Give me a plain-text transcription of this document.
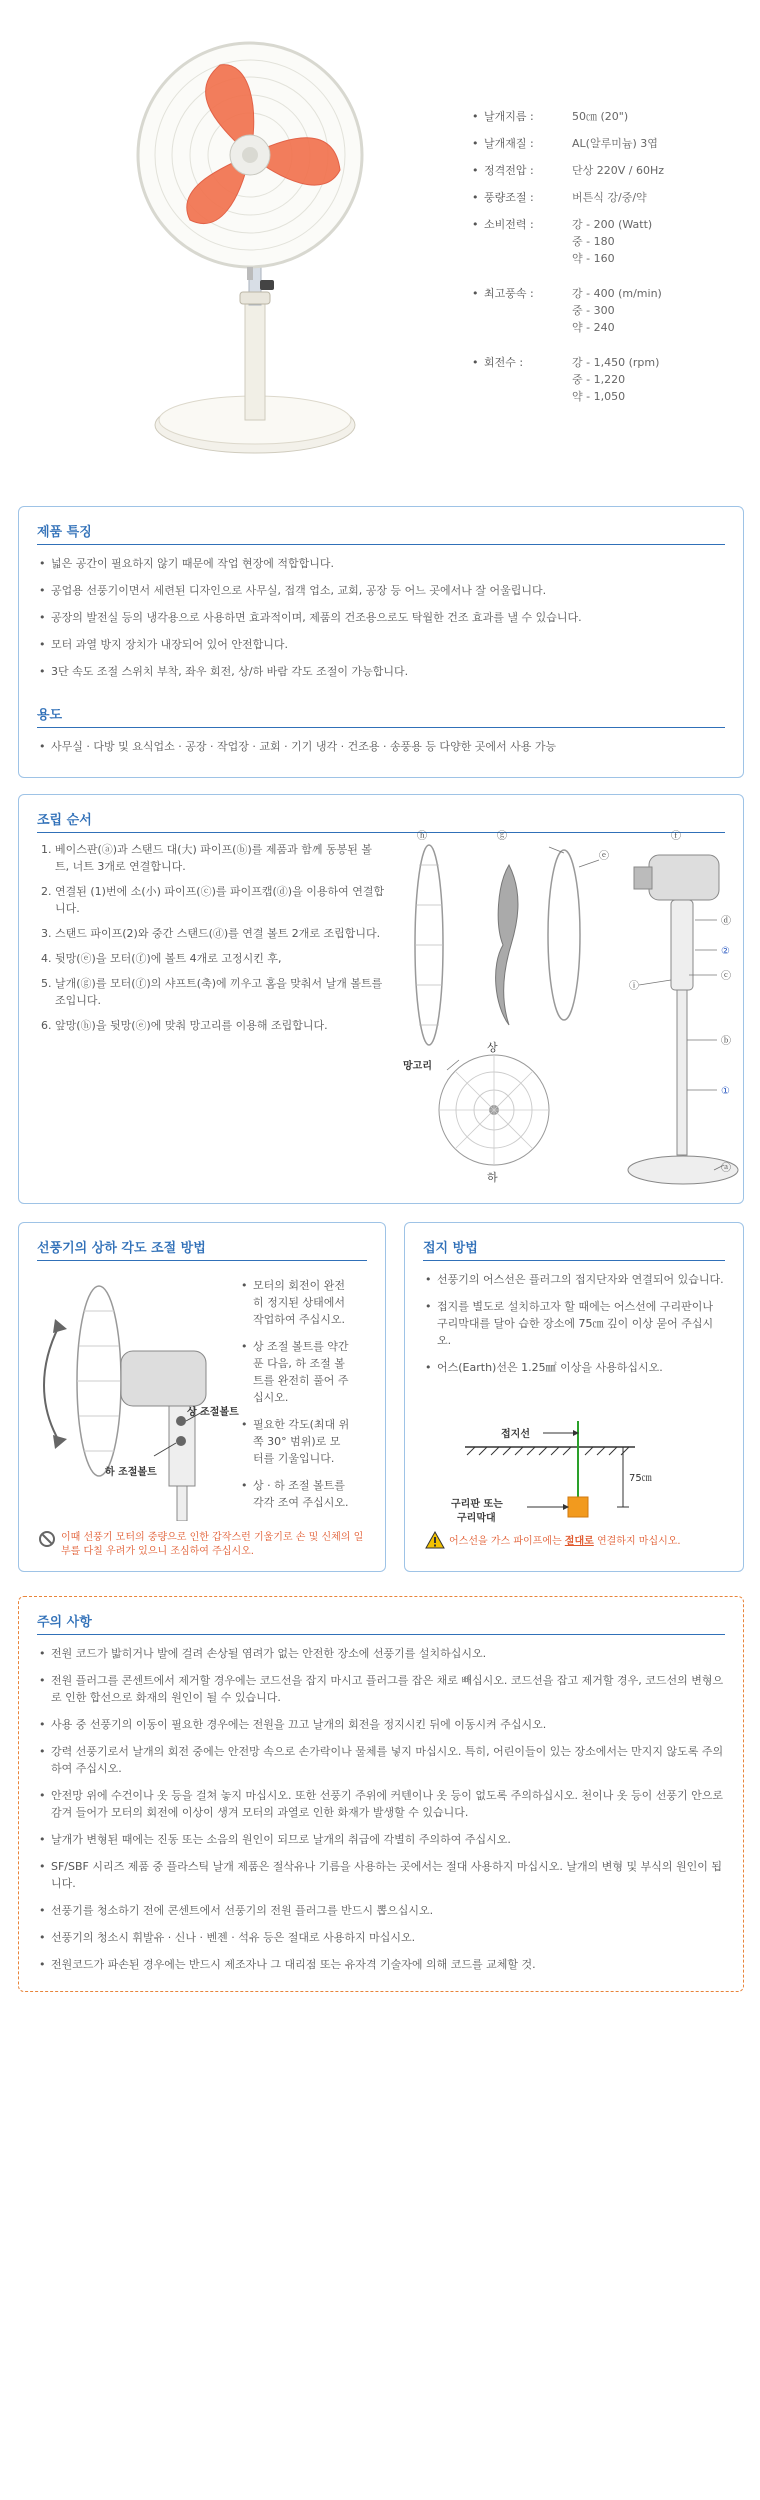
• 날개지름 :	50㎝ (20")
• 날개재질 :	AL(알루미늄) 3엽
• 정격전압 :	단상 220V / 60Hz
• 풍량조절 :	버튼식 강/중/약
• 소비전력 :	강 - 200 (Watt)
중 - 180
약 - 160
• 최고풍속 :	강 - 400 (m/min)
중 - 300
약 - 240
• 회전수 :	강 - 1,450 (rpm)
중 - 1,220
약 - 1,050
제품 특징
• 넓은 공간이 필요하지 않기 때문에 작업 현장에 적합합니다.
• 공업용 선풍기이면서 세련된 디자인으로 사무실, 접객 업소, 교회, 공장 등 어느 곳에서나 잘 어울립니다.
• 공장의 발전실 등의 냉각용으로 사용하면 효과적이며, 제품의 건조용으로도 탁월한 건조 효과를 낼 수 있습니다.
• 모터 과열 방지 장치가 내장되어 있어 안전합니다.
• 3단 속도 조절 스위치 부착, 좌우 회전, 상/하 바람 각도 조절이 가능합니다.
용도
• 사무실 · 다방 및 요식업소 · 공장 · 작업장 · 교회 · 기기 냉각 · 건조용 · 송풍용 등 다양한 곳에서 사용 가능
조립 순서
1. 베이스판(ⓐ)과 스탠드 대(大) 파이프(ⓑ)를 제품과 함께 동봉된 볼트, 너트 3개로 연결합니다.
2. 연결된 (1)번에 소(小) 파이프(ⓒ)를 파이프캡(ⓓ)을 이용하여 연결합니다.
3. 스탠드 파이프(2)와 중간 스탠드(ⓓ)를 연결 볼트 2개로 조립합니다.
4. 뒷망(ⓔ)을 모터(ⓕ)에 볼트 4개로 고정시킨 후,
5. 날개(ⓖ)를 모터(ⓕ)의 샤프트(축)에 끼우고 홈을 맞춰서 날개 볼트를 조입니다.
6. 앞망(ⓗ)을 뒷망(ⓔ)에 맞춰 망고리를 이용해 조립합니다.
ⓗ	ⓖ
ⓔ
ⓕ
ⓓ
②
ⓒ
ⓘ
ⓑ
①
ⓐ
상
하
망고리
선풍기의 상하 각도 조절 방법
상 조절볼트
하 조절볼트
• 모터의 회전이 완전히 정지된 상태에서 작업하여 주십시오.
• 상 조절 볼트를 약간 푼 다음, 하 조절 볼트를 완전히 풀어 주십시오.
• 필요한 각도(최대 위쪽 30° 범위)로 모터를 기울입니다.
• 상 · 하 조절 볼트를 각각 조여 주십시오.
이때 선풍기 모터의 중량으로 인한 갑작스런 기울기로 손 및 신체의 일부를 다칠 우려가 있으니 조심하여 주십시오.
접지 방법
• 선풍기의 어스선은 플러그의 접지단자와 연결되어 있습니다.
• 접지를 별도로 설치하고자 할 때에는 어스선에 구리판이나 구리막대를 달아 습한 장소에 75㎝ 깊이 이상 묻어 주십시오.
• 어스(Earth)선은 1.25㎟ 이상을 사용하십시오.
접지선
75㎝
구리판 또는
구리막대
어스선을 가스 파이프에는 절대로 연결하지 마십시오.
주의 사항
• 전원 코드가 밟히거나 발에 걸려 손상될 염려가 없는 안전한 장소에 선풍기를 설치하십시오.
• 전원 플러그를 콘센트에서 제거할 경우에는 코드선을 잡지 마시고 플러그를 잡은 채로 빼십시오. 코드선을 잡고 제거할 경우, 코드선의 변형으로 인한 합선으로 화재의 원인이 될 수 있습니다.
• 사용 중 선풍기의 이동이 필요한 경우에는 전원을 끄고 날개의 회전을 정지시킨 뒤에 이동시켜 주십시오.
• 강력 선풍기로서 날개의 회전 중에는 안전망 속으로 손가락이나 물체를 넣지 마십시오. 특히, 어린이들이 있는 장소에서는 만지지 않도록 주의하여 주십시오.
• 안전망 위에 수건이나 옷 등을 걸쳐 놓지 마십시오. 또한 선풍기 주위에 커텐이나 옷 등이 없도록 주의하십시오. 천이나 옷 등이 선풍기 안으로 감겨 들어가 모터의 회전에 이상이 생겨 모터의 과열로 인한 화재가 발생할 수 있습니다.
• 날개가 변형된 때에는 진동 또는 소음의 원인이 되므로 날개의 취급에 각별히 주의하여 주십시오.
• SF/SBF 시리즈 제품 중 플라스틱 날개 제품은 절삭유나 기름을 사용하는 곳에서는 절대 사용하지 마십시오. 날개의 변형 및 부식의 원인이 됩니다.
• 선풍기를 청소하기 전에 콘센트에서 선풍기의 전원 플러그를 반드시 뽑으십시오.
• 선풍기의 청소시 휘발유 · 신나 · 벤젠 · 석유 등은 절대로 사용하지 마십시오.
• 전원코드가 파손된 경우에는 반드시 제조자나 그 대리점 또는 유자격 기술자에 의해 코드를 교체할 것.
